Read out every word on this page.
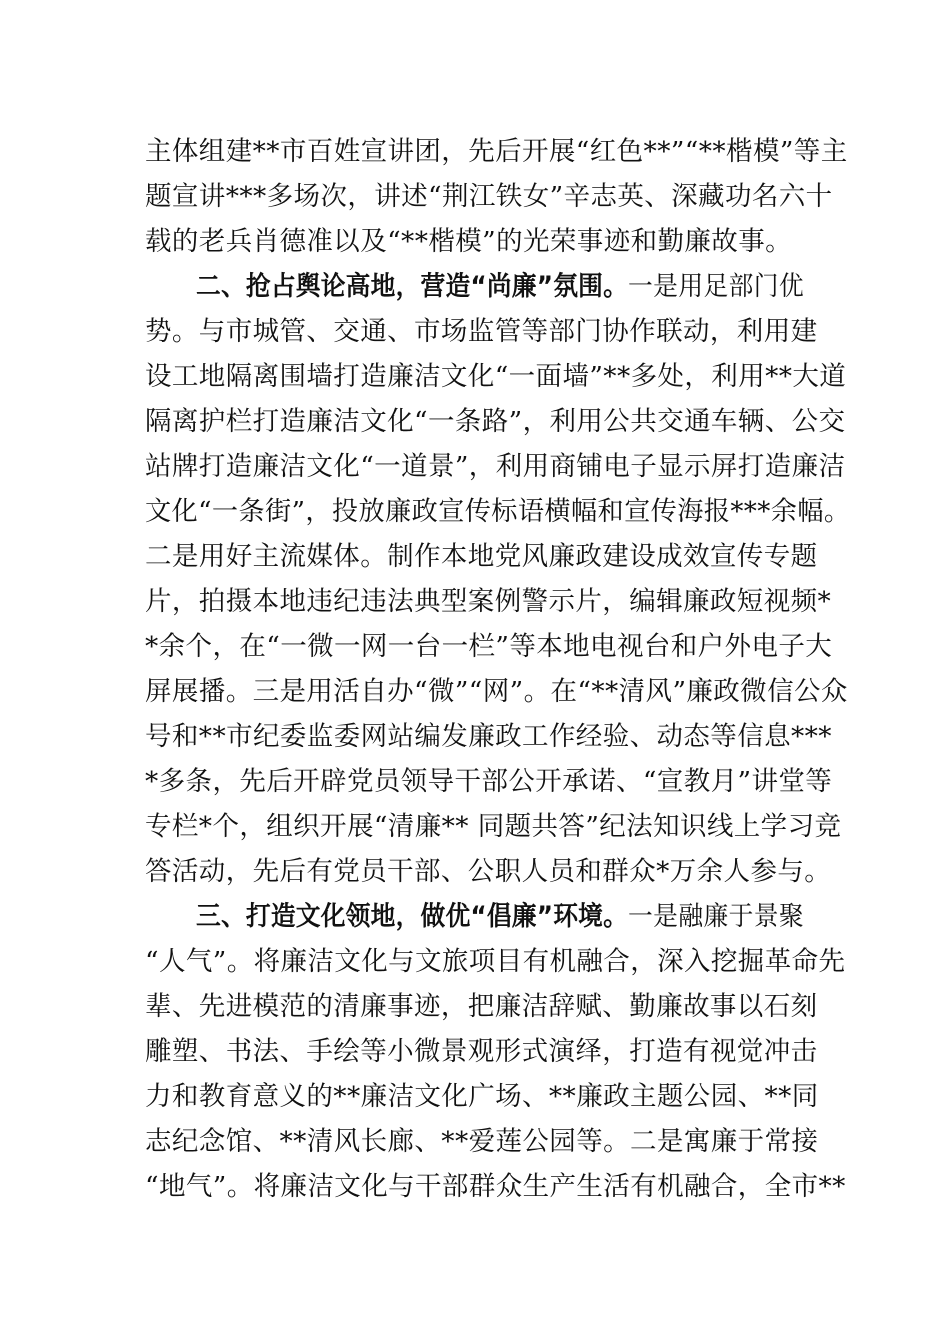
主体组建**市百姓宣讲团，先后开展“红色**”“**楷模”等主
题宣讲***多场次，讲述“荆江铁女”辛志英、深藏功名六十
载的老兵肖德准以及“**楷模”的光荣事迹和勤廉故事。
二、抢占舆论高地，营造“尚廉”氛围。一是用足部门优
势。与市城管、交通、市场监管等部门协作联动，利用建
设工地隔离围墙打造廉洁文化“一面墙”**多处，利用**大道
隔离护栏打造廉洁文化“一条路”，利用公共交通车辆、公交
站牌打造廉洁文化“一道景”，利用商铺电子显示屏打造廉洁
文化“一条街”，投放廉政宣传标语横幅和宣传海报***余幅。
二是用好主流媒体。制作本地党风廉政建设成效宣传专题
片，拍摄本地违纪违法典型案例警示片，编辑廉政短视频*
*余个，在“一微一网一台一栏”等本地电视台和户外电子大
屏展播。三是用活自办“微”“网”。在“**清风”廉政微信公众
号和**市纪委监委网站编发廉政工作经验、动态等信息***
*多条，先后开辟党员领导干部公开承诺、“宣教月”讲堂等
专栏*个，组织开展“清廉** 同题共答”纪法知识线上学习竞
答活动，先后有党员干部、公职人员和群众*万余人参与。
三、打造文化领地，做优“倡廉”环境。一是融廉于景聚
“人气”。将廉洁文化与文旅项目有机融合，深入挖掘革命先
辈、先进模范的清廉事迹，把廉洁辞赋、勤廉故事以石刻
雕塑、书法、手绘等小微景观形式演绎，打造有视觉冲击
力和教育意义的**廉洁文化广场、**廉政主题公园、**同
志纪念馆、**清风长廊、**爱莲公园等。二是寓廉于常接
“地气”。将廉洁文化与干部群众生产生活有机融合，全市**
